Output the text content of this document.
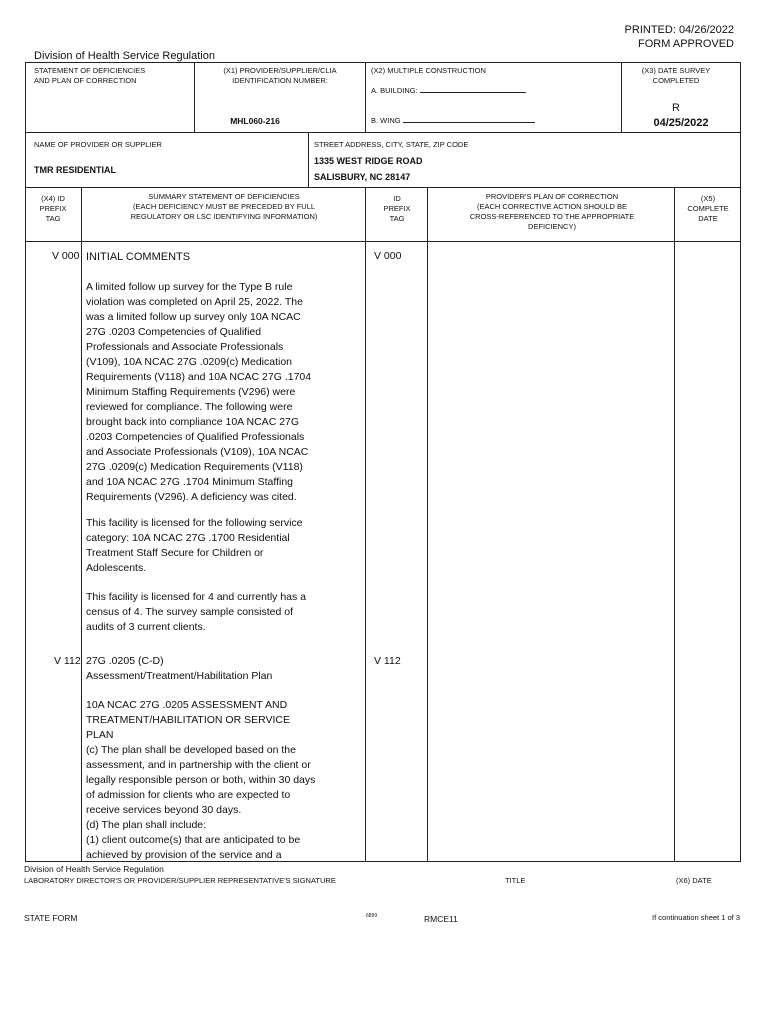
PRINTED: 04/26/2022
FORM APPROVED
Division of Health Service Regulation
STATEMENT OF DEFICIENCIES
AND PLAN OF CORRECTION
(X1) PROVIDER/SUPPLIER/CLIA
IDENTIFICATION NUMBER:
MHL060-216
(X2) MULTIPLE CONSTRUCTION
A. BUILDING:
B. WING
(X3) DATE SURVEY
COMPLETED
R
04/25/2022
NAME OF PROVIDER OR SUPPLIER
TMR RESIDENTIAL
STREET ADDRESS, CITY, STATE, ZIP CODE
1335 WEST RIDGE ROAD
SALISBURY, NC 28147
(X4) ID
PREFIX
TAG
SUMMARY STATEMENT OF DEFICIENCIES
(EACH DEFICIENCY MUST BE PRECEDED BY FULL
REGULATORY OR LSC IDENTIFYING INFORMATION)
ID
PREFIX
TAG
PROVIDER'S PLAN OF CORRECTION
(EACH CORRECTIVE ACTION SHOULD BE
CROSS-REFERENCED TO THE APPROPRIATE
DEFICIENCY)
(X5)
COMPLETE
DATE
V 000	V 000
INITIAL COMMENTS
A limited follow up survey for the Type B rule
violation was completed on April 25, 2022. The
was a limited follow up survey only 10A NCAC
27G .0203 Competencies of Qualified
Professionals and Associate Professionals
(V109), 10A NCAC 27G .0209(c) Medication
Requirements (V118) and 10A NCAC 27G .1704
Minimum Staffing Requirements (V296) were
reviewed for compliance. The following were
brought back into compliance 10A NCAC 27G
.0203 Competencies of Qualified Professionals
and Associate Professionals (V109), 10A NCAC
27G .0209(c) Medication Requirements (V118)
and 10A NCAC 27G .1704 Minimum Staffing
Requirements (V296). A deficiency was cited.
This facility is licensed for the following service
category: 10A NCAC 27G .1700 Residential
Treatment Staff Secure for Children or
Adolescents.
This facility is licensed for 4 and currently has a
census of 4. The survey sample consisted of
audits of 3 current clients.
V 112	V 112
27G .0205 (C-D)
Assessment/Treatment/Habilitation Plan
10A NCAC 27G .0205 ASSESSMENT AND
TREATMENT/HABILITATION OR SERVICE
PLAN
(c) The plan shall be developed based on the
assessment, and in partnership with the client or
legally responsible person or both, within 30 days
of admission for clients who are expected to
receive services beyond 30 days.
(d) The plan shall include:
(1) client outcome(s) that are anticipated to be
achieved by provision of the service and a
Division of Health Service Regulation
LABORATORY DIRECTOR'S OR PROVIDER/SUPPLIER REPRESENTATIVE'S SIGNATURE	TITLE	(X6) DATE
STATE FORM	6899	RMCE11	If continuation sheet 1 of 3
